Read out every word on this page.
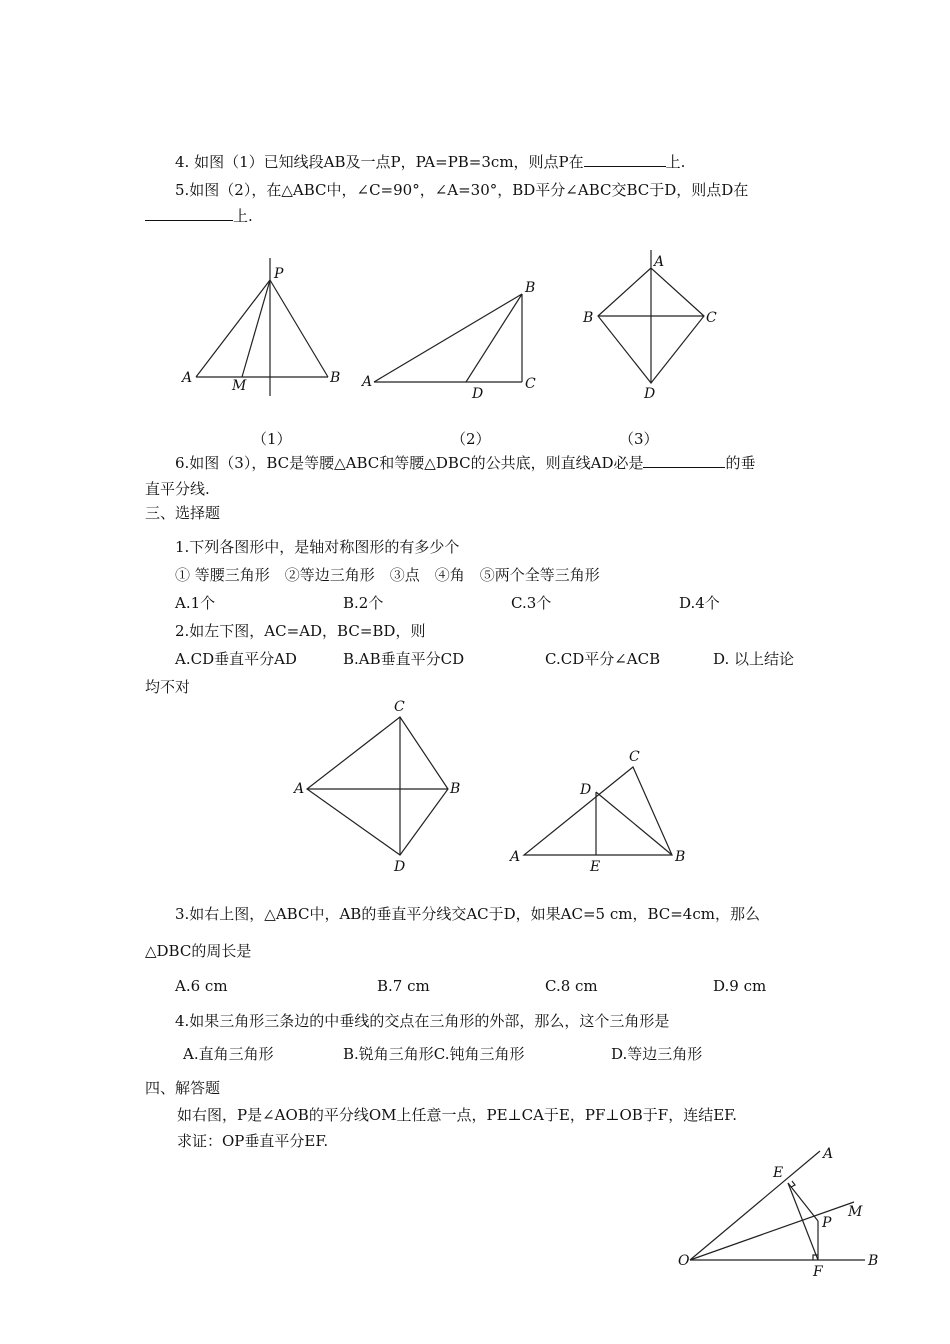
4. 如图（1）已知线段AB及一点P，PA=PB=3cm，则点P在	上.
5.如图（2），在△ABC中，∠C=90°，∠A=30°，BD平分∠ABC交BC于D，则点D在
上.
P
A	M	B
B
A
D
C
A
B	C
D
（1）	（2）	（3）
6.如图（3），BC是等腰△ABC和等腰△DBC的公共底，则直线AD必是	的垂
直平分线.
三、选择题
1.下列各图形中，是轴对称图形的有多少个
① 等腰三角形　②等边三角形　③点　④角　⑤两个全等三角形
A.1个	B.2个	C.3个	D.4个
2.如左下图，AC=AD，BC=BD，则
A.CD垂直平分AD	B.AB垂直平分CD	C.CD平分∠ACB	D. 以上结论
均不对
C
A	B
D
C
D
A
E
B
3.如右上图，△ABC中，AB的垂直平分线交AC于D，如果AC=5 cm，BC=4cm，那么
△DBC的周长是
A.6 cm	B.7 cm	C.8 cm	D.9 cm
4.如果三角形三条边的中垂线的交点在三角形的外部，那么，这个三角形是
A.直角三角形	B.锐角三角形C.钝角三角形	D.等边三角形
四、解答题
如右图，P是∠AOB的平分线OM上任意一点，PE⊥CA于E，PF⊥OB于F，连结EF.
求证：OP垂直平分EF.
E
A
P
M
O
F
B
